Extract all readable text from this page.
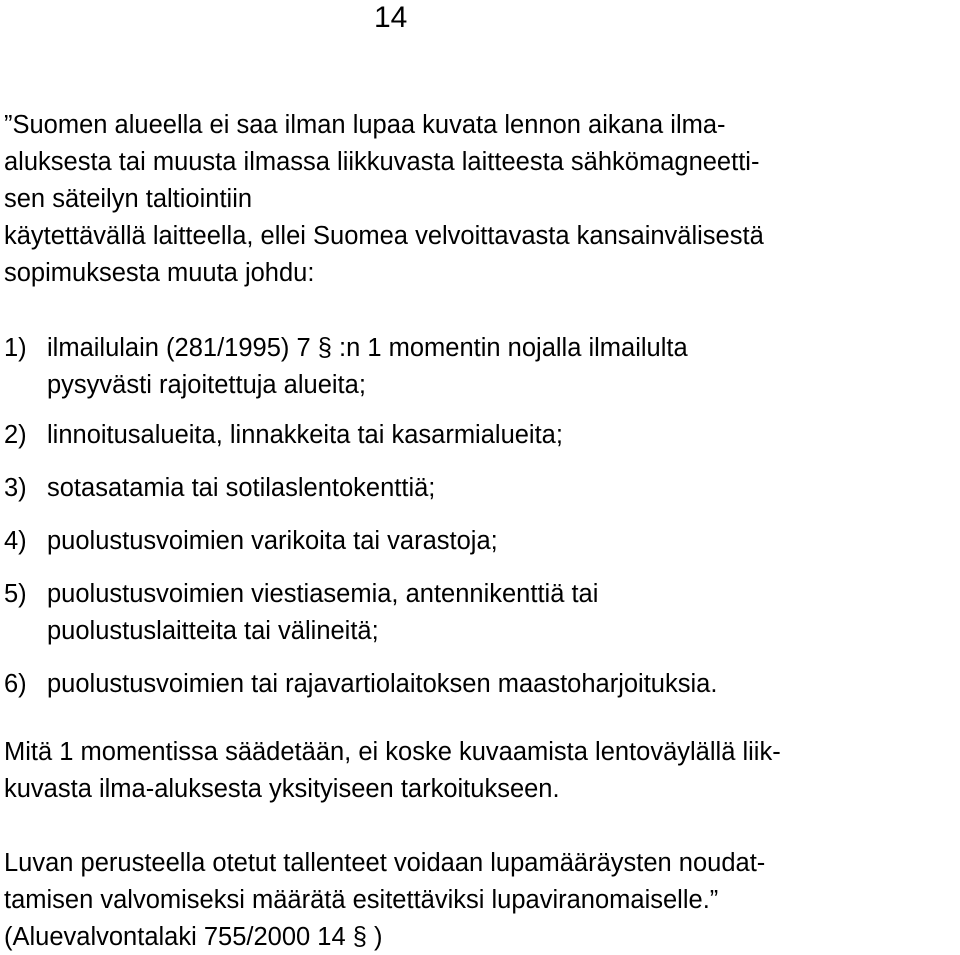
14
”Suomen alueella ei saa ilman lupaa kuvata lennon aikana ilma-
aluksesta tai muusta ilmassa liikkuvasta laitteesta sähkömagneetti-
sen säteilyn taltiointiin
käytettävällä laitteella, ellei Suomea velvoittavasta kansainvälisestä
sopimuksesta muuta johdu:
1) ilmailulain (281/1995) 7 § :n 1 momentin nojalla ilmailulta
pysyvästi rajoitettuja alueita;
2) linnoitusalueita, linnakkeita tai kasarmialueita;
3) sotasatamia tai sotilaslentokenttiä;
4) puolustusvoimien varikoita tai varastoja;
5) puolustusvoimien viestiasemia, antennikenttiä tai
puolustuslaitteita tai välineitä;
6) puolustusvoimien tai rajavartiolaitoksen maastoharjoituksia.
Mitä 1 momentissa säädetään, ei koske kuvaamista lentoväylällä liik-
kuvasta ilma-aluksesta yksityiseen tarkoitukseen.
Luvan perusteella otetut tallenteet voidaan lupamääräysten noudat-
tamisen valvomiseksi määrätä esitettäviksi lupaviranomaiselle.”
(Aluevalvontalaki 755/2000 14 § )
